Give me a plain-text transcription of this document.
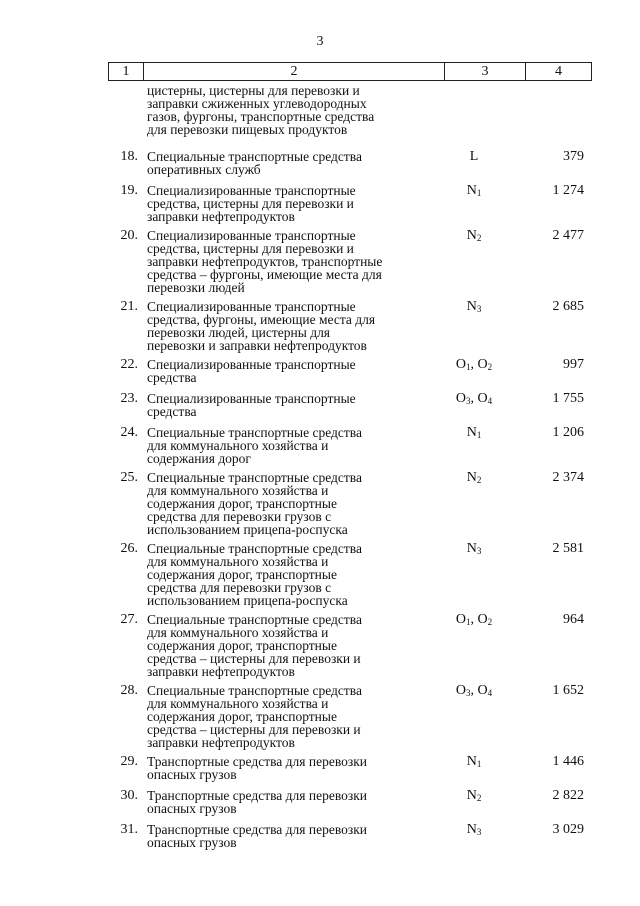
3
1	2	3	4
цистерны, цистерны для перевозки и
заправки сжиженных углеводородных
газов, фургоны, транспортные средства
для перевозки пищевых продуктов
18. Специальные транспортные средства
оперативных служб
L	379
19. Специализированные транспортные
средства, цистерны для перевозки и
заправки нефтепродуктов
$N_1$	1 274
20. Специализированные транспортные
средства, цистерны для перевозки и
заправки нефтепродуктов, транспортные
средства – фургоны, имеющие места для
перевозки людей
$N_2$	2 477
21. Специализированные транспортные
средства, фургоны, имеющие места для
перевозки людей, цистерны для
перевозки и заправки нефтепродуктов
$N_3$	2 685
22. Специализированные транспортные
средства
$O_1$, $O_2$	997
23. Специализированные транспортные
средства
$O_3$, $O_4$	1 755
24. Специальные транспортные средства
для коммунального хозяйства и
содержания дорог
$N_1$	1 206
25. Специальные транспортные средства
для коммунального хозяйства и
содержания дорог, транспортные
средства для перевозки грузов с
использованием прицепа-роспуска
$N_2$	2 374
26. Специальные транспортные средства
для коммунального хозяйства и
содержания дорог, транспортные
средства для перевозки грузов с
использованием прицепа-роспуска
$N_3$	2 581
27. Специальные транспортные средства
для коммунального хозяйства и
содержания дорог, транспортные
средства – цистерны для перевозки и
заправки нефтепродуктов
$O_1$, $O_2$	964
28. Специальные транспортные средства
для коммунального хозяйства и
содержания дорог, транспортные
средства – цистерны для перевозки и
заправки нефтепродуктов
$O_3$, $O_4$	1 652
29. Транспортные средства для перевозки
опасных грузов
$N_1$	1 446
30. Транспортные средства для перевозки
опасных грузов
$N_2$	2 822
31. Транспортные средства для перевозки
опасных грузов
$N_3$	3 029
